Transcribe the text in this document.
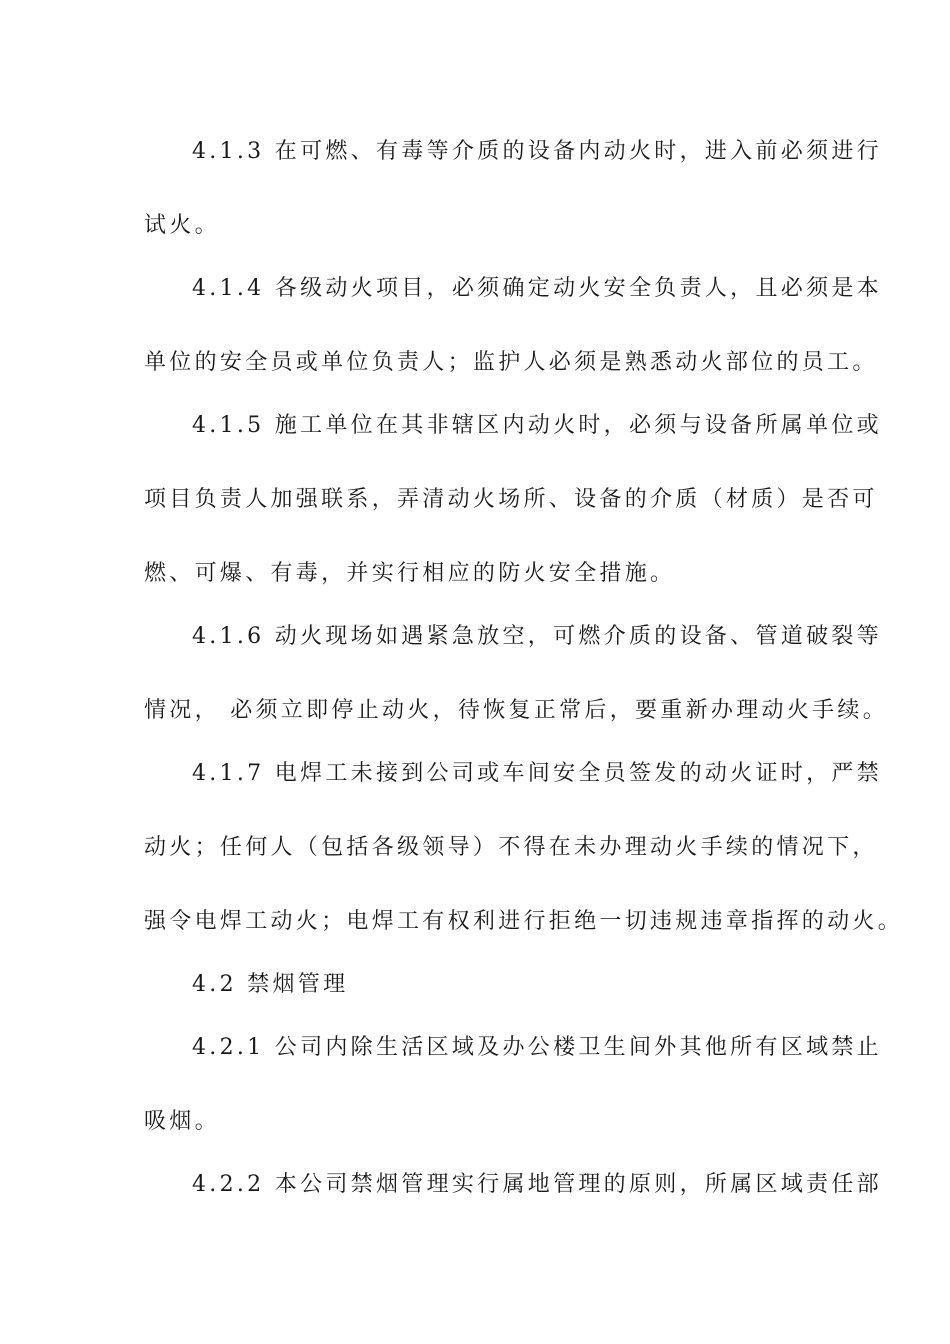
4.1.3 在可燃、有毒等介质的设备内动火时，进入前必须进行
试火。
4.1.4 各级动火项目，必须确定动火安全负责人，且必须是本
单位的安全员或单位负责人；监护人必须是熟悉动火部位的员工。
4.1.5 施工单位在其非辖区内动火时，必须与设备所属单位或
项目负责人加强联系，弄清动火场所、设备的介质（材质）是否可
燃、可爆、有毒，并实行相应的防火安全措施。
4.1.6 动火现场如遇紧急放空，可燃介质的设备、管道破裂等
情况， 必须立即停止动火，待恢复正常后，要重新办理动火手续。
4.1.7 电焊工未接到公司或车间安全员签发的动火证时，严禁
动火；任何人（包括各级领导）不得在未办理动火手续的情况下，
强令电焊工动火；电焊工有权利进行拒绝一切违规违章指挥的动火。
4.2 禁烟管理
4.2.1 公司内除生活区域及办公楼卫生间外其他所有区域禁止
吸烟。
4.2.2 本公司禁烟管理实行属地管理的原则，所属区域责任部
